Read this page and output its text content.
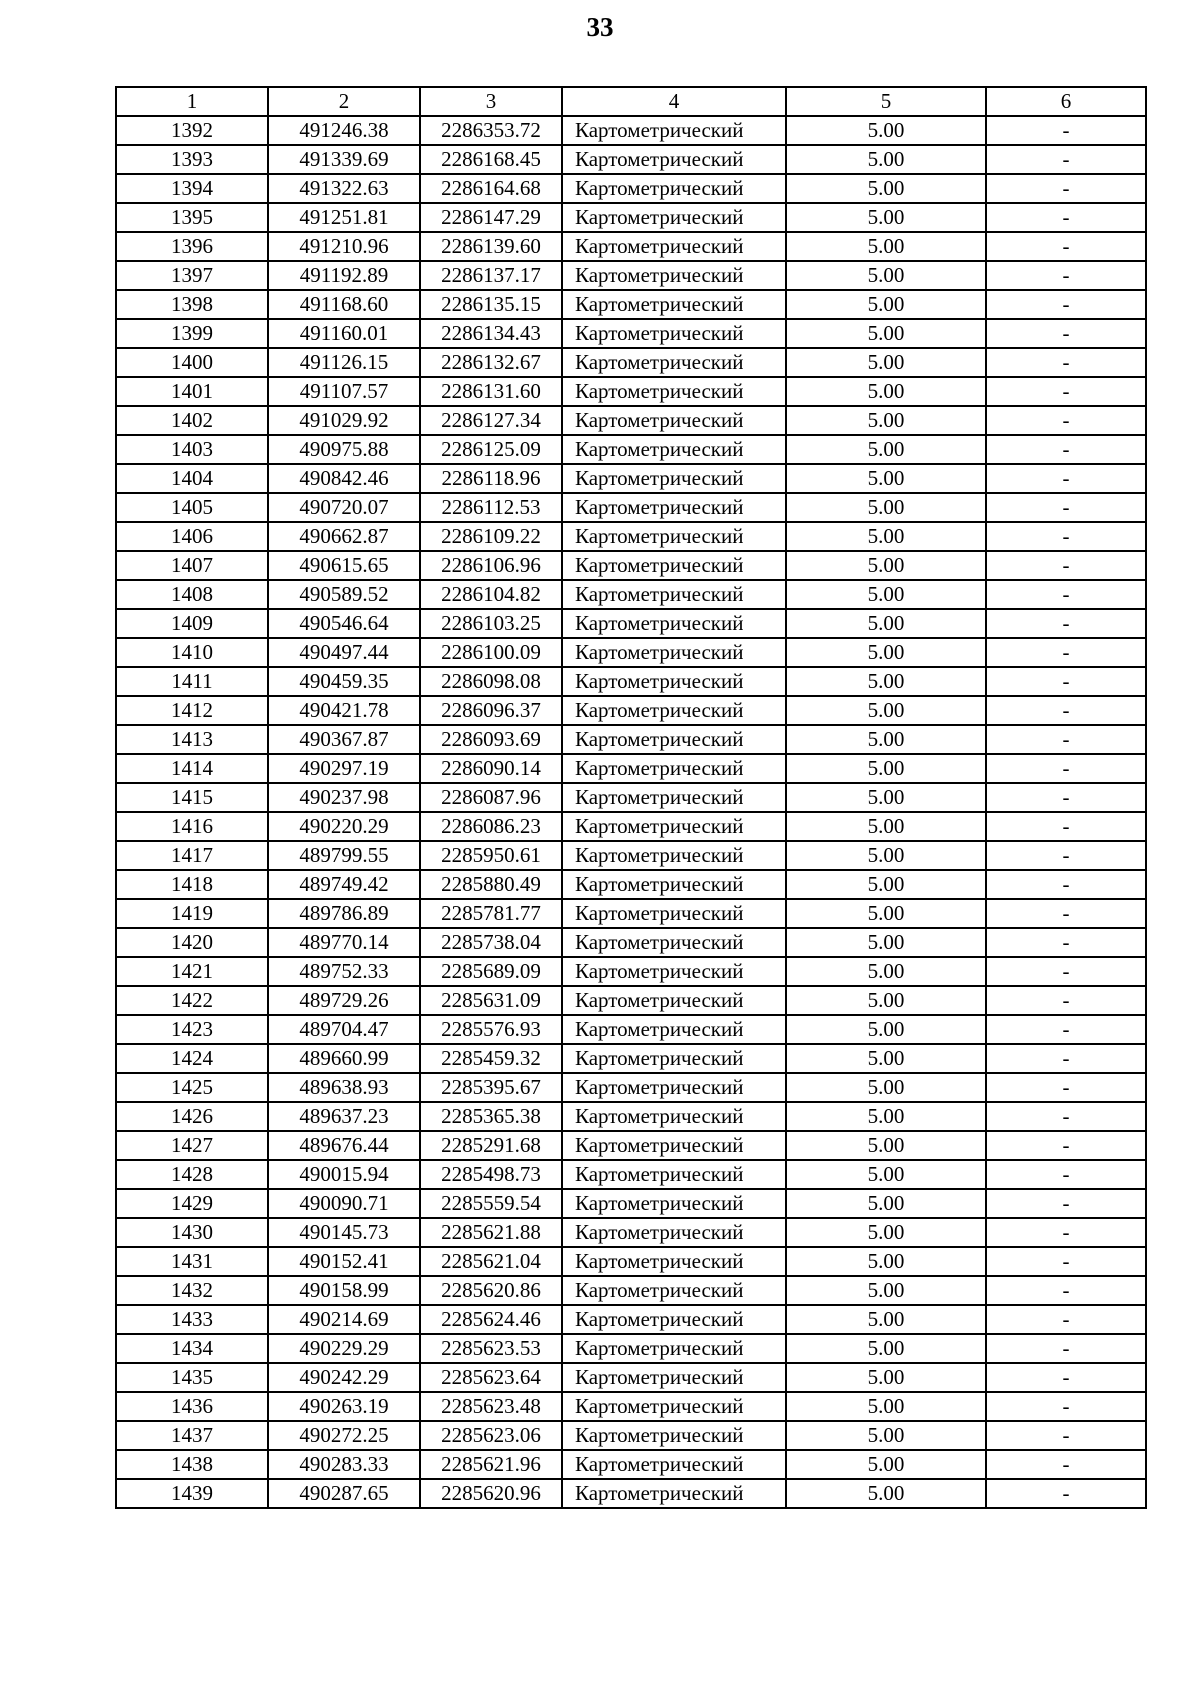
33
1	2	3	4	5	6
1392	491246.38	2286353.72	Картометрический	5.00	-
1393	491339.69	2286168.45	Картометрический	5.00	-
1394	491322.63	2286164.68	Картометрический	5.00	-
1395	491251.81	2286147.29	Картометрический	5.00	-
1396	491210.96	2286139.60	Картометрический	5.00	-
1397	491192.89	2286137.17	Картометрический	5.00	-
1398	491168.60	2286135.15	Картометрический	5.00	-
1399	491160.01	2286134.43	Картометрический	5.00	-
1400	491126.15	2286132.67	Картометрический	5.00	-
1401	491107.57	2286131.60	Картометрический	5.00	-
1402	491029.92	2286127.34	Картометрический	5.00	-
1403	490975.88	2286125.09	Картометрический	5.00	-
1404	490842.46	2286118.96	Картометрический	5.00	-
1405	490720.07	2286112.53	Картометрический	5.00	-
1406	490662.87	2286109.22	Картометрический	5.00	-
1407	490615.65	2286106.96	Картометрический	5.00	-
1408	490589.52	2286104.82	Картометрический	5.00	-
1409	490546.64	2286103.25	Картометрический	5.00	-
1410	490497.44	2286100.09	Картометрический	5.00	-
1411	490459.35	2286098.08	Картометрический	5.00	-
1412	490421.78	2286096.37	Картометрический	5.00	-
1413	490367.87	2286093.69	Картометрический	5.00	-
1414	490297.19	2286090.14	Картометрический	5.00	-
1415	490237.98	2286087.96	Картометрический	5.00	-
1416	490220.29	2286086.23	Картометрический	5.00	-
1417	489799.55	2285950.61	Картометрический	5.00	-
1418	489749.42	2285880.49	Картометрический	5.00	-
1419	489786.89	2285781.77	Картометрический	5.00	-
1420	489770.14	2285738.04	Картометрический	5.00	-
1421	489752.33	2285689.09	Картометрический	5.00	-
1422	489729.26	2285631.09	Картометрический	5.00	-
1423	489704.47	2285576.93	Картометрический	5.00	-
1424	489660.99	2285459.32	Картометрический	5.00	-
1425	489638.93	2285395.67	Картометрический	5.00	-
1426	489637.23	2285365.38	Картометрический	5.00	-
1427	489676.44	2285291.68	Картометрический	5.00	-
1428	490015.94	2285498.73	Картометрический	5.00	-
1429	490090.71	2285559.54	Картометрический	5.00	-
1430	490145.73	2285621.88	Картометрический	5.00	-
1431	490152.41	2285621.04	Картометрический	5.00	-
1432	490158.99	2285620.86	Картометрический	5.00	-
1433	490214.69	2285624.46	Картометрический	5.00	-
1434	490229.29	2285623.53	Картометрический	5.00	-
1435	490242.29	2285623.64	Картометрический	5.00	-
1436	490263.19	2285623.48	Картометрический	5.00	-
1437	490272.25	2285623.06	Картометрический	5.00	-
1438	490283.33	2285621.96	Картометрический	5.00	-
1439	490287.65	2285620.96	Картометрический	5.00	-
